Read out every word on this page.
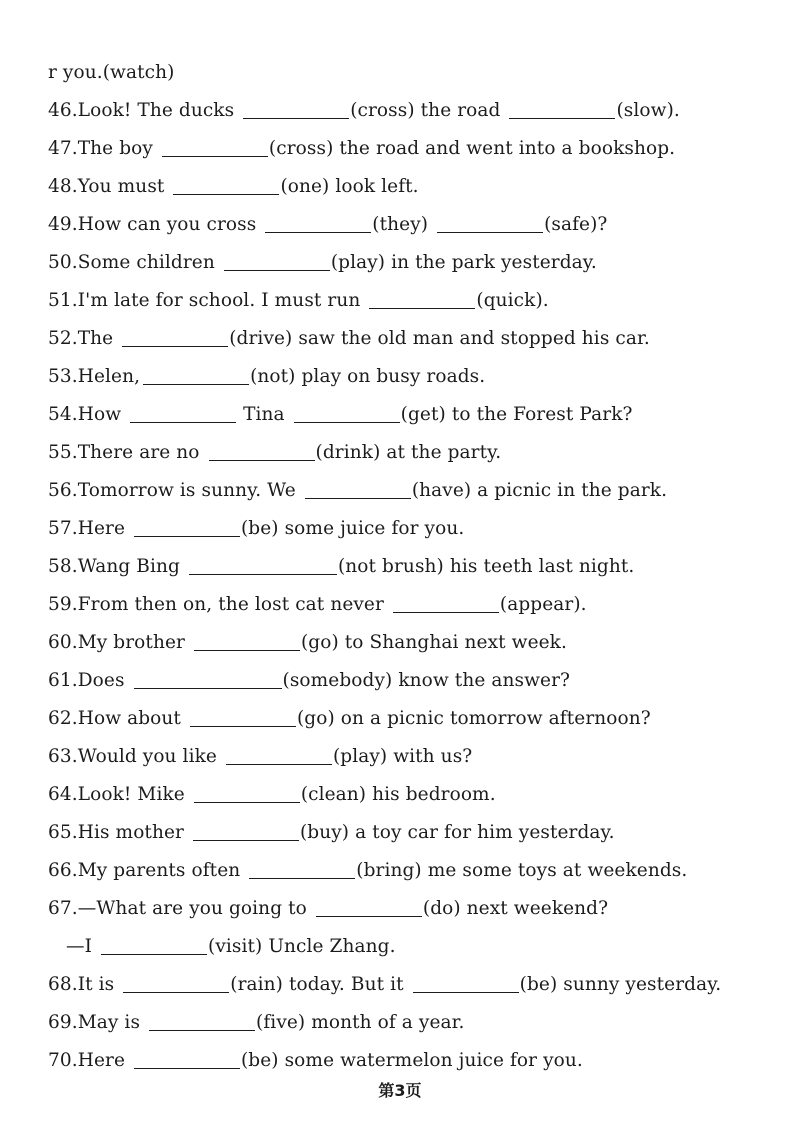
r you.(watch)
46.Look! The ducks	(cross) the road	(slow).
47.The boy	(cross) the road and went into a bookshop.
48.You must	(one) look left.
49.How can you cross	(they)	(safe)?
50.Some children	(play) in the park yesterday.
51.I'm late for school. I must run	(quick).
52.The	(drive) saw the old man and stopped his car.
53.Helen,	(not) play on busy roads.
54.How	Tina	(get) to the Forest Park?
55.There are no	(drink) at the party.
56.Tomorrow is sunny. We	(have) a picnic in the park.
57.Here	(be) some juice for you.
58.Wang Bing	(not brush) his teeth last night.
59.From then on, the lost cat never	(appear).
60.My brother	(go) to Shanghai next week.
61.Does	(somebody) know the answer?
62.How about	(go) on a picnic tomorrow afternoon?
63.Would you like	(play) with us?
64.Look! Mike	(clean) his bedroom.
65.His mother	(buy) a toy car for him yesterday.
66.My parents often	(bring) me some toys at weekends.
67.—What are you going to	(do) next weekend?
—I	(visit) Uncle Zhang.
68.It is	(rain) today. But it	(be) sunny yesterday.
69.May is	(five) month of a year.
70.Here	(be) some watermelon juice for you.
第3页
